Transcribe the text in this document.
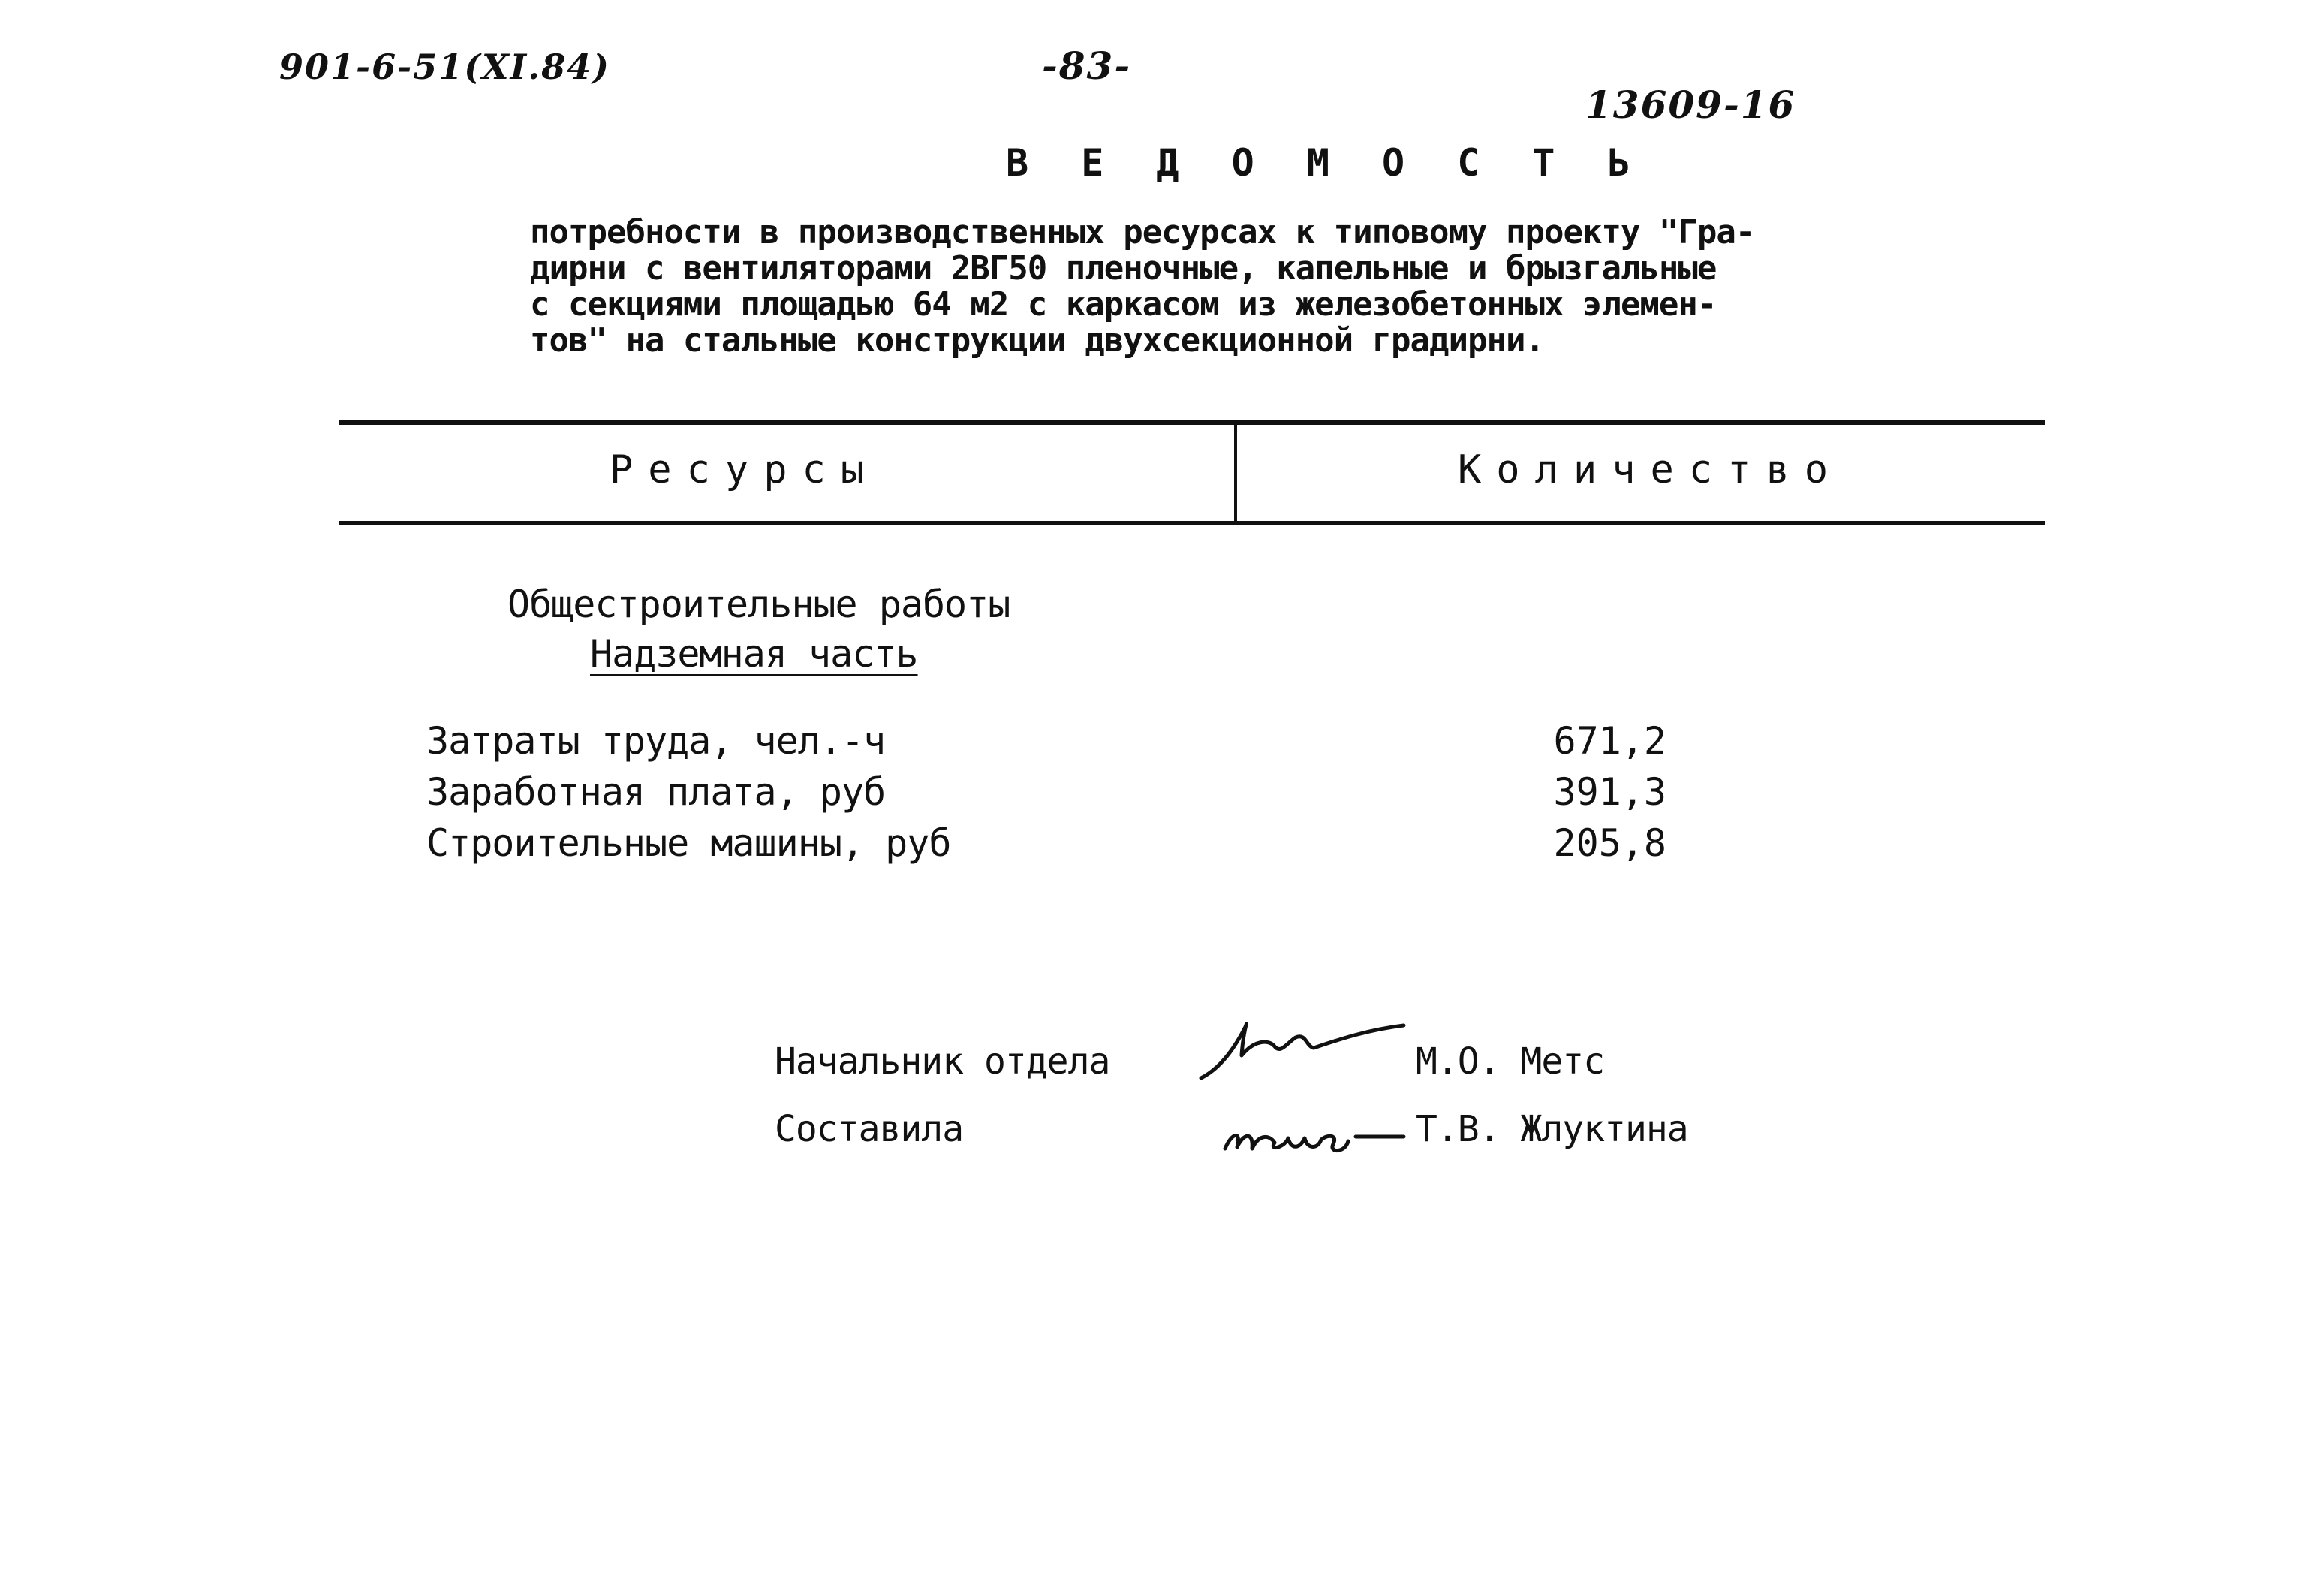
901-6-51(XI.84)	-83-
13609-16
В Е Д О М О С Т Ь
потребности в производственных ресурсах к типовому проекту "Гра-
дирни с вентиляторами 2ВГ50 пленочные, капельные и брызгальные
с секциями площадью 64 м2 с каркасом из железобетонных элемен-
тов" на стальные конструкции двухсекционной градирни.
Ресурсы	Количество
Общестроительные работы
Надземная часть
Затраты труда, чел.-ч	671,2
Заработная плата, руб	391,3
Строительные машины, руб	205,8
Начальник отдела	М.О. Метс
Составила	Т.В. Жлуктина
